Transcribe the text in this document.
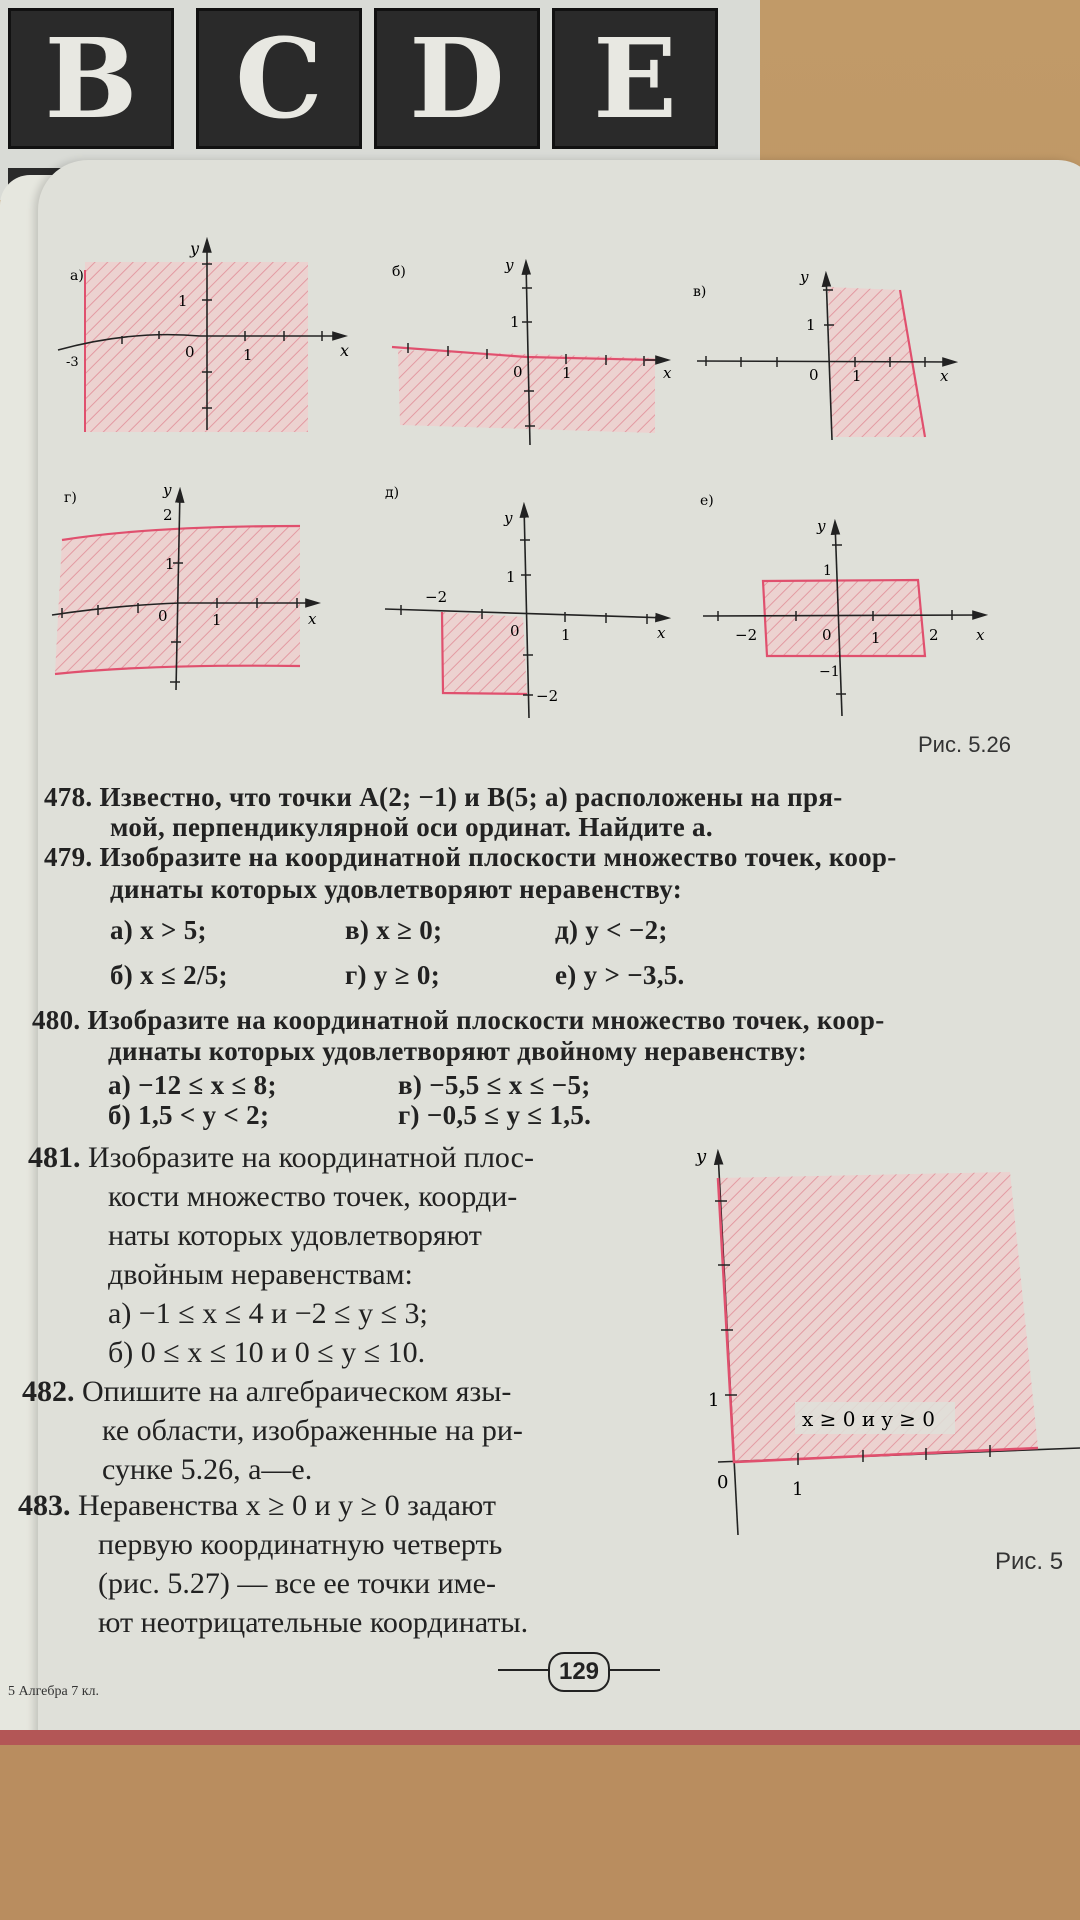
B C D E
а)
y
1
0	1	x
-3
б)	y
1
0	1	x
в)
y
1
0 1	x
г)	y
2
1
0	1	x
д)
y
1
−2
0	1	x
−2
е)
y
1
−2	0	1	2 x
−1
Рис. 5.26
478. Известно, что точки A(2; −1) и B(5; a) расположены на пря-
мой, перпендикулярной оси ординат. Найдите a.
479. Изобразите на координатной плоскости множество точек, коор-
динаты которых удовлетворяют неравенству:
а) x > 5;	в) x ≥ 0;	д) y < −2;
б) x ≤ 2/5;	г) y ≥ 0;	е) y > −3,5.
480. Изобразите на координатной плоскости множество точек, коор-
динаты которых удовлетворяют двойному неравенству:
а) −12 ≤ x ≤ 8;	в) −5,5 ≤ x ≤ −5;
б) 1,5 < y < 2;	г) −0,5 ≤ y ≤ 1,5.
481. Изобразите на координатной плос-
кости множество точек, коорди-
наты которых удовлетворяют
двойным неравенствам:
а) −1 ≤ x ≤ 4 и −2 ≤ y ≤ 3;
б) 0 ≤ x ≤ 10 и 0 ≤ y ≤ 10.
482. Опишите на алгебраическом язы-
ке области, изображенные на ри-
сунке 5.26, а—е.
483. Неравенства x ≥ 0 и y ≥ 0 задают
первую координатную четверть
(рис. 5.27) — все ее точки име-
ют неотрицательные координаты.
y
1
0	1
x ≥ 0 и y ≥ 0
Рис. 5
129
5 Алгебра 7 кл.
